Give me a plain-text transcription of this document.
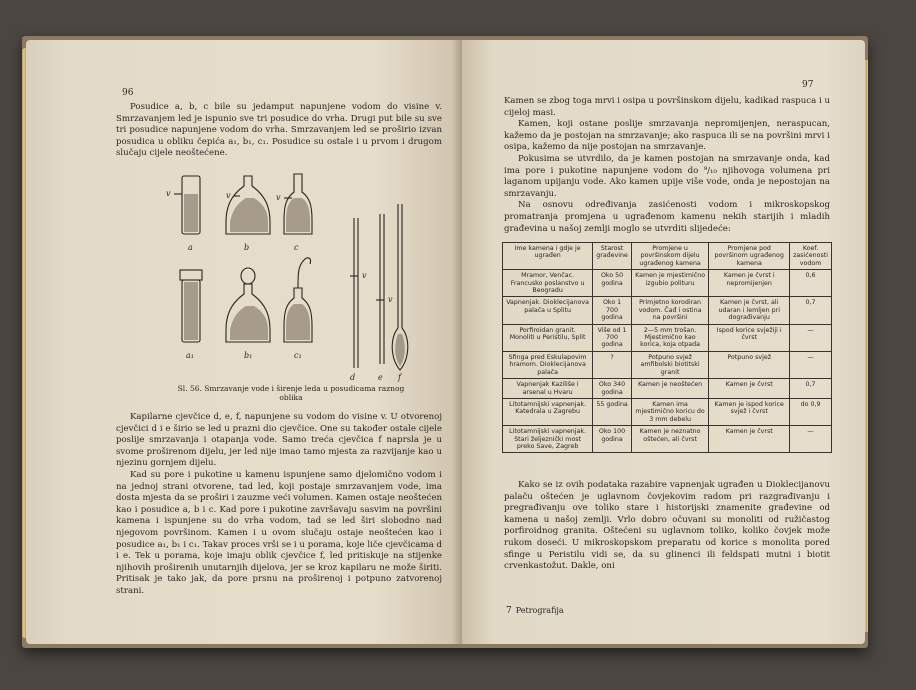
96

Posudice a, b, c bile su jedamput napunjene vodom do visine v. Smrzavanjem led je ispunio sve tri posudice do vrha. Drugi put bile su sve tri posudice napunjene vodom do vrha. Smrzavanjem led se proširio izvan posudica u obliku čepića a₁, b₁, c₁. Posudice su ostale i u prvom i drugom slučaju cijele neoštećene.

v	v	v
v
v
a	b	c
a₁	b₁	c₁
d	e f
Sl. 56. Smrzavanje vode i širenje leda u posudicama raznog oblika

Kapilarne cjevčice d, e, f, napunjene su vodom do visine v. U otvorenoj cjevčici d i e širio se led u prazni dio cjevčice. One su također ostale cijele poslije smrzavanja i otapanja vode. Samo treća cjevčica f naprsla je u svome proširenom dijelu, jer led nije imao tamo mjesta za razvijanje kao u njezinu gornjem dijelu.

Kad su pore i pukotine u kamenu ispunjene samo djelomično vodom i na jednoj strani otvorene, tad led, koji postaje smrzavanjem vode, ima dosta mjesta da se proširi i zauzme veći volumen. Kamen ostaje neoštećen kao i posudice a, b i c. Kad pore i pukotine završavaju sasvim na površini kamena i ispunjene su do vrha vodom, tad se led širi slobodno nad njegovom površinom. Kamen i u ovom slučaju ostaje neoštećen kao i posudice a₁, b₁ i c₁. Takav proces vrši se i u porama, koje liče cjevčicama d i e. Tek u porama, koje imaju oblik cjevčice f, led pritiskuje na stijenke njihovih proširenih unutarnjih dijelova, jer se kroz kapilaru ne može širiti. Pritisak je tako jak, da pore prsnu na proširenoj i potpuno zatvorenoj strani.

97

Kamen se zbog toga mrvi i osipa u površinskom dijelu, kadikad raspuca i u cijeloj masi.

Kamen, koji ostane poslije smrzavanja nepromijenjen, neraspucan, kažemo da je postojan na smrzavanje; ako raspuca ili se na površini mrvi i osipa, kažemo da nije postojan na smrzavanje.

Pokusima se utvrdilo, da je kamen postojan na smrzavanje onda, kad ima pore i pukotine napunjene vodom do ⁹/₁₀ njihovoga volumena pri laganom upijanju vode. Ako kamen upije više vode, onda je nepostojan na smrzavanju.

Na osnovu određivanja zasićenosti vodom i mikroskopskog promatranja promjena u ugrađenom kamenu nekih starijih i mladih građevina u našoj zemlji moglo se utvrditi slijedeće:

Ime kamena i gdje je ugrađen	Starost građevine	Promjene u površinskom dijelu ugrađenog kamena	Promjene pod površinom ugrađenog kamena	Koef. zasićenosti vodom
Mramor, Venčac. Francusko poslanstvo u Beogradu	Oko 50 godina	Kamen je mjestimično izgubio polituru	Kamen je čvrst i nepromijenjen	0,6
Vapnenjak. Dioklecijanova palača u Splitu	Oko 1 700 godina	Primjetno korodiran vodom. Čađ i ostina na površini	Kamen je čvrst, ali udaran i lemljen pri dograđivanju	0,7
Porfiroidan granit. Monoliti u Peristilu, Split	Više od 1 700 godina	2—5 mm trošan. Mjestimično kao korica, koja otpada	Ispod korice svježiji i čvrst	—
Sfinga pred Eskulapovim hramom. Dioklecijanova palača	?	Potpuno svjež amfibolski biotitski granit	Potpuno svjež	—
Vapnenjak Kaziliše i arsenal u Hvaru	Oko 340 godina	Kamen je neoštećen	Kamen je čvrst	0,7
Litotamnijski vapnenjak. Katedrala u Zagrebu	55 godina	Kamen ima mjestimično koricu do 3 mm debelu	Kamen je ispod korice svjež i čvrst	do 0,9
Litotamnijski vapnenjak. Stari željeznički most preko Save, Zagreb	Oko 100 godina	Kamen je neznatno oštećen, ali čvrst	Kamen je čvrst	—

Kako se iz ovih podataka razabire vapnenjak ugrađen u Dioklecijanovu palaču oštećen je uglavnom čovjekovim radom pri razgrađivanju i pregrađivanju ove toliko stare i historijski znamenite građevine od kamena u našoj zemlji. Vrlo dobro očuvani su monoliti od ružičastog porfiroidnog granita. Oštećeni su uglavnom toliko, koliko čovjek može rukom doseći. U mikroskopskom preparatu od korice s monolita pored sfinge u Peristilu vidi se, da su glinenci ili feldspati mutni i biotit crvenkastožut. Dakle, oni

7 Petrografija
